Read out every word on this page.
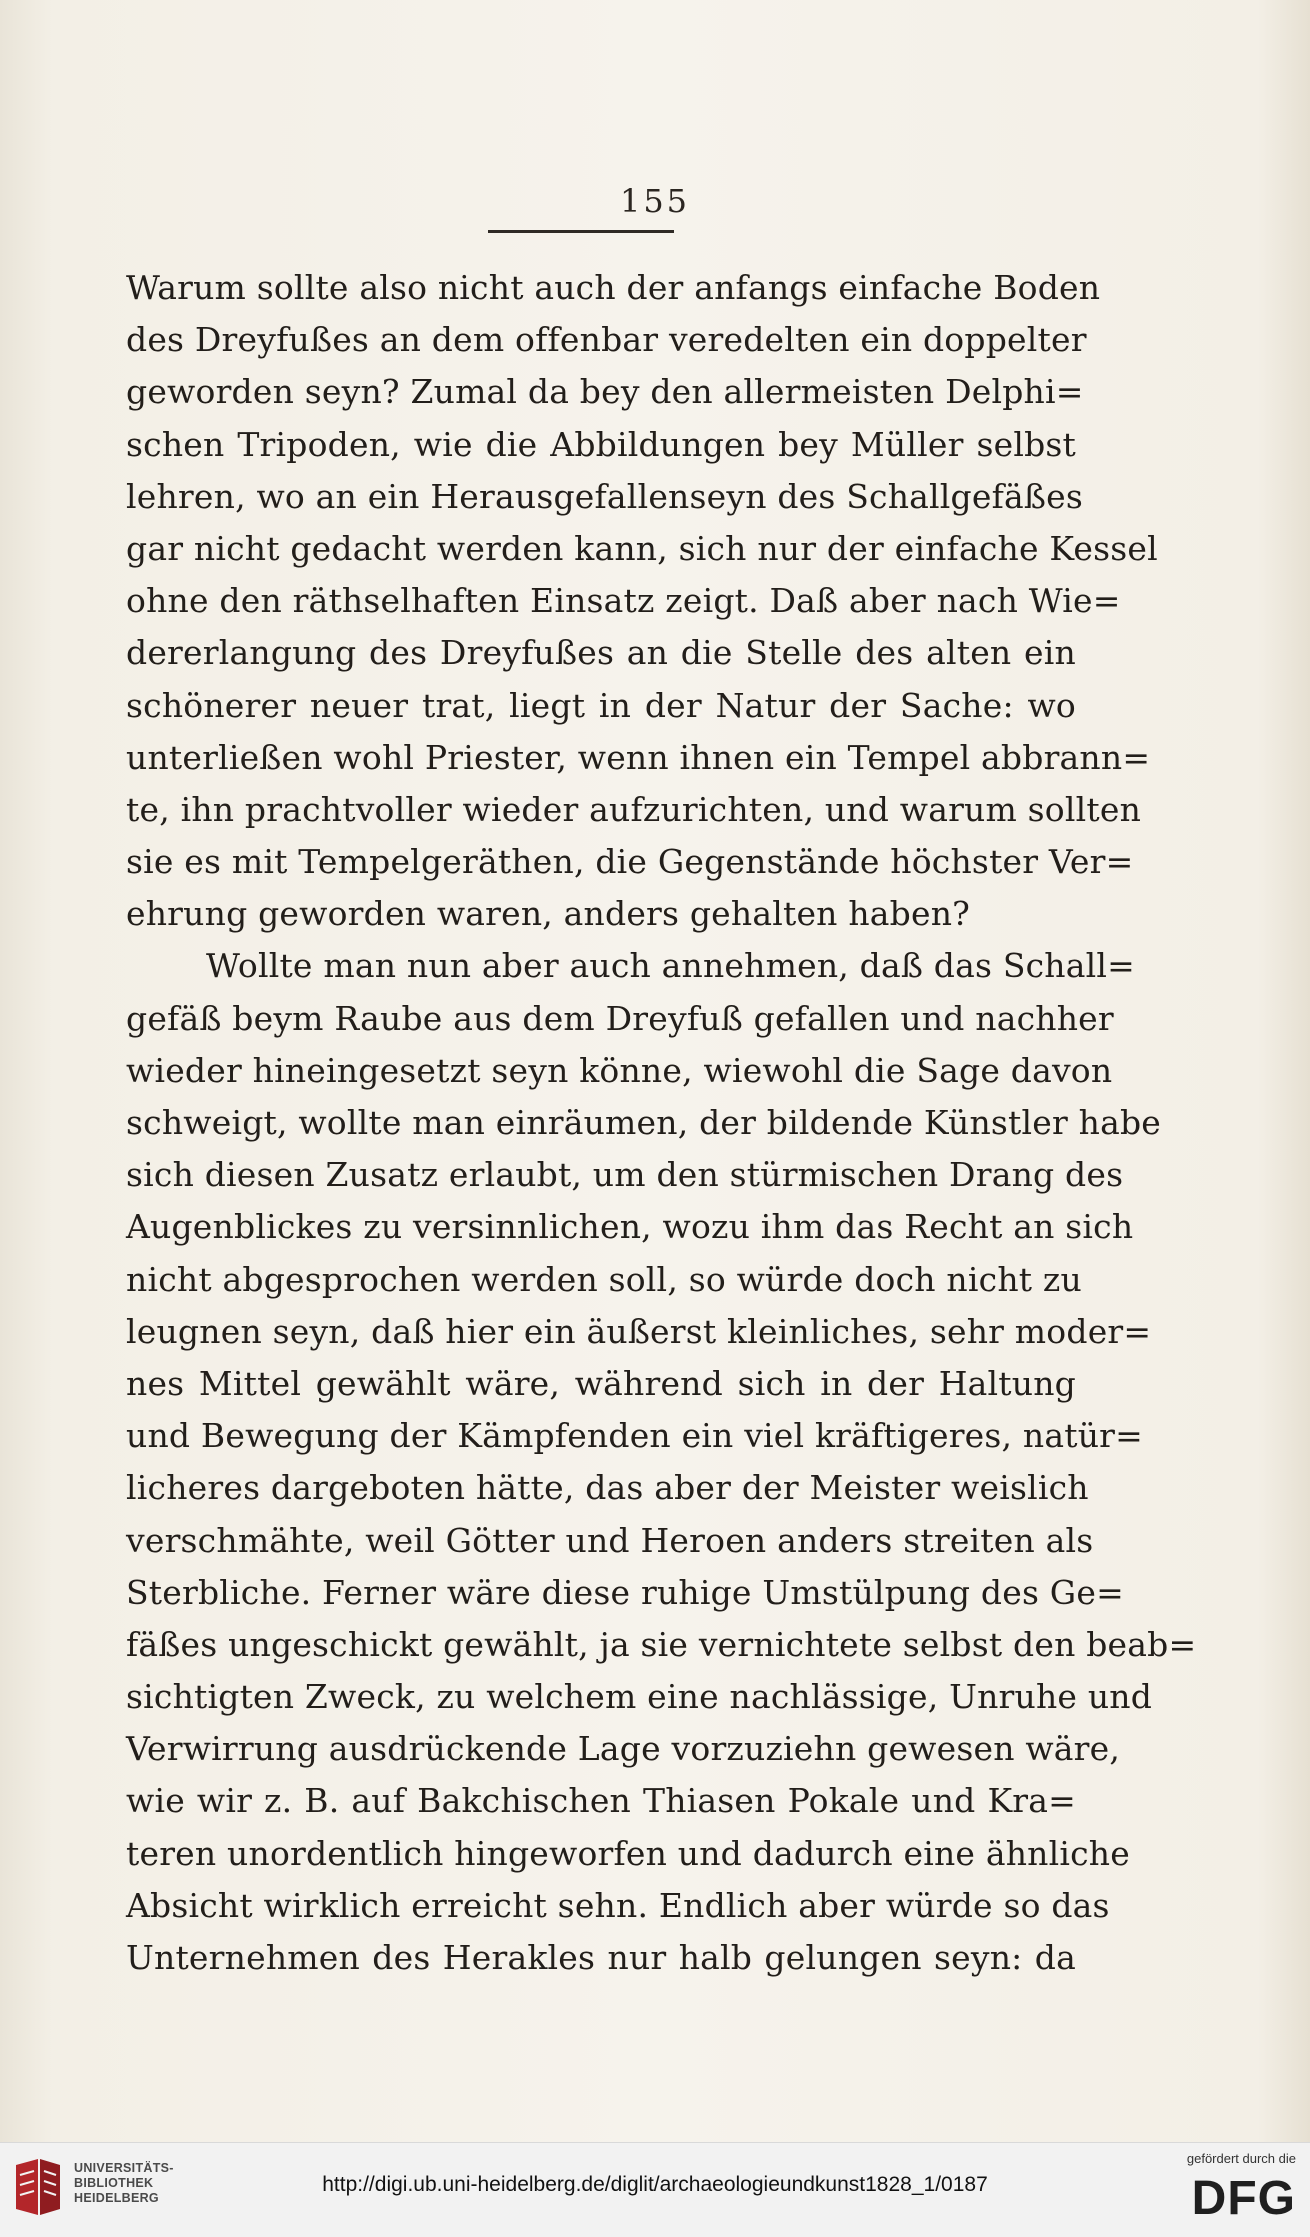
155
Warum sollte also nicht auch der anfangs einfache Boden
des Dreyfußes an dem offenbar veredelten ein doppelter
geworden seyn? Zumal da bey den allermeisten Delphi=
schen Tripoden, wie die Abbildungen bey Müller selbst
lehren, wo an ein Herausgefallenseyn des Schallgefäßes
gar nicht gedacht werden kann, sich nur der einfache Kessel
ohne den räthselhaften Einsatz zeigt. Daß aber nach Wie=
dererlangung des Dreyfußes an die Stelle des alten ein
schönerer neuer trat, liegt in der Natur der Sache: wo
unterließen wohl Priester, wenn ihnen ein Tempel abbrann=
te, ihn prachtvoller wieder aufzurichten, und warum sollten
sie es mit Tempelgeräthen, die Gegenstände höchster Ver=
ehrung geworden waren, anders gehalten haben?
Wollte man nun aber auch annehmen, daß das Schall=
gefäß beym Raube aus dem Dreyfuß gefallen und nachher
wieder hineingesetzt seyn könne, wiewohl die Sage davon
schweigt, wollte man einräumen, der bildende Künstler habe
sich diesen Zusatz erlaubt, um den stürmischen Drang des
Augenblickes zu versinnlichen, wozu ihm das Recht an sich
nicht abgesprochen werden soll, so würde doch nicht zu
leugnen seyn, daß hier ein äußerst kleinliches, sehr moder=
nes Mittel gewählt wäre, während sich in der Haltung
und Bewegung der Kämpfenden ein viel kräftigeres, natür=
licheres dargeboten hätte, das aber der Meister weislich
verschmähte, weil Götter und Heroen anders streiten als
Sterbliche. Ferner wäre diese ruhige Umstülpung des Ge=
fäßes ungeschickt gewählt, ja sie vernichtete selbst den beab=
sichtigten Zweck, zu welchem eine nachlässige, Unruhe und
Verwirrung ausdrückende Lage vorzuziehn gewesen wäre,
wie wir z. B. auf Bakchischen Thiasen Pokale und Kra=
teren unordentlich hingeworfen und dadurch eine ähnliche
Absicht wirklich erreicht sehn. Endlich aber würde so das
Unternehmen des Herakles nur halb gelungen seyn: da
UNIVERSITÄTS-
BIBLIOTHEK
HEIDELBERG
http://digi.ub.uni-heidelberg.de/diglit/archaeologieundkunst1828_1/0187
gefördert durch die
DFG
